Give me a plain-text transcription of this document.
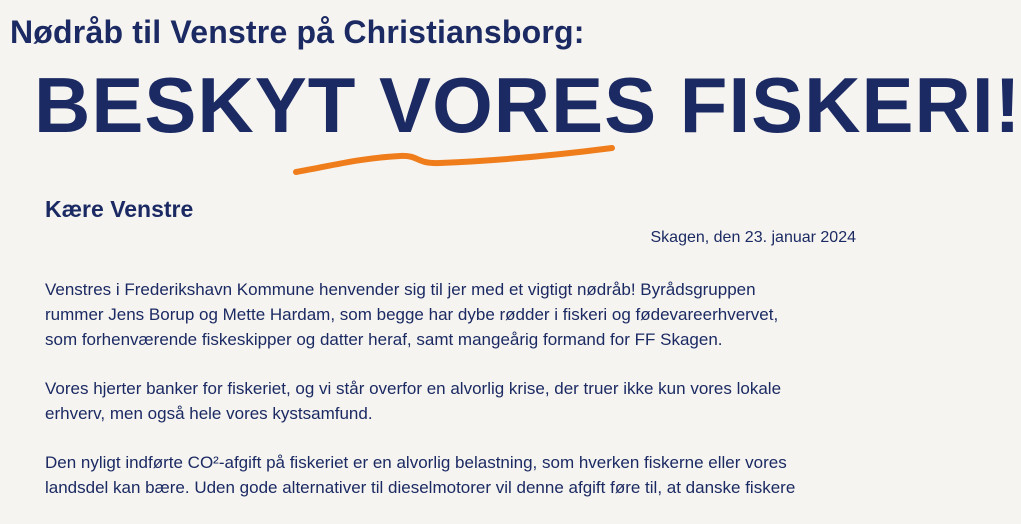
Nødråb til Venstre på Christiansborg:
BESKYT VORES FISKERI!
Kære Venstre
Skagen, den 23. januar 2024

Venstres i Frederikshavn Kommune henvender sig til jer med et vigtigt nødråb! Byrådsgruppen
rummer Jens Borup og Mette Hardam, som begge har dybe rødder i fiskeri og fødevareerhvervet,
som forhenværende fiskeskipper og datter heraf, samt mangeårig formand for FF Skagen.

Vores hjerter banker for fiskeriet, og vi står overfor en alvorlig krise, der truer ikke kun vores lokale
erhverv, men også hele vores kystsamfund.

Den nyligt indførte CO²-afgift på fiskeriet er en alvorlig belastning, som hverken fiskerne eller vores
landsdel kan bære. Uden gode alternativer til dieselmotorer vil denne afgift føre til, at danske fiskere
